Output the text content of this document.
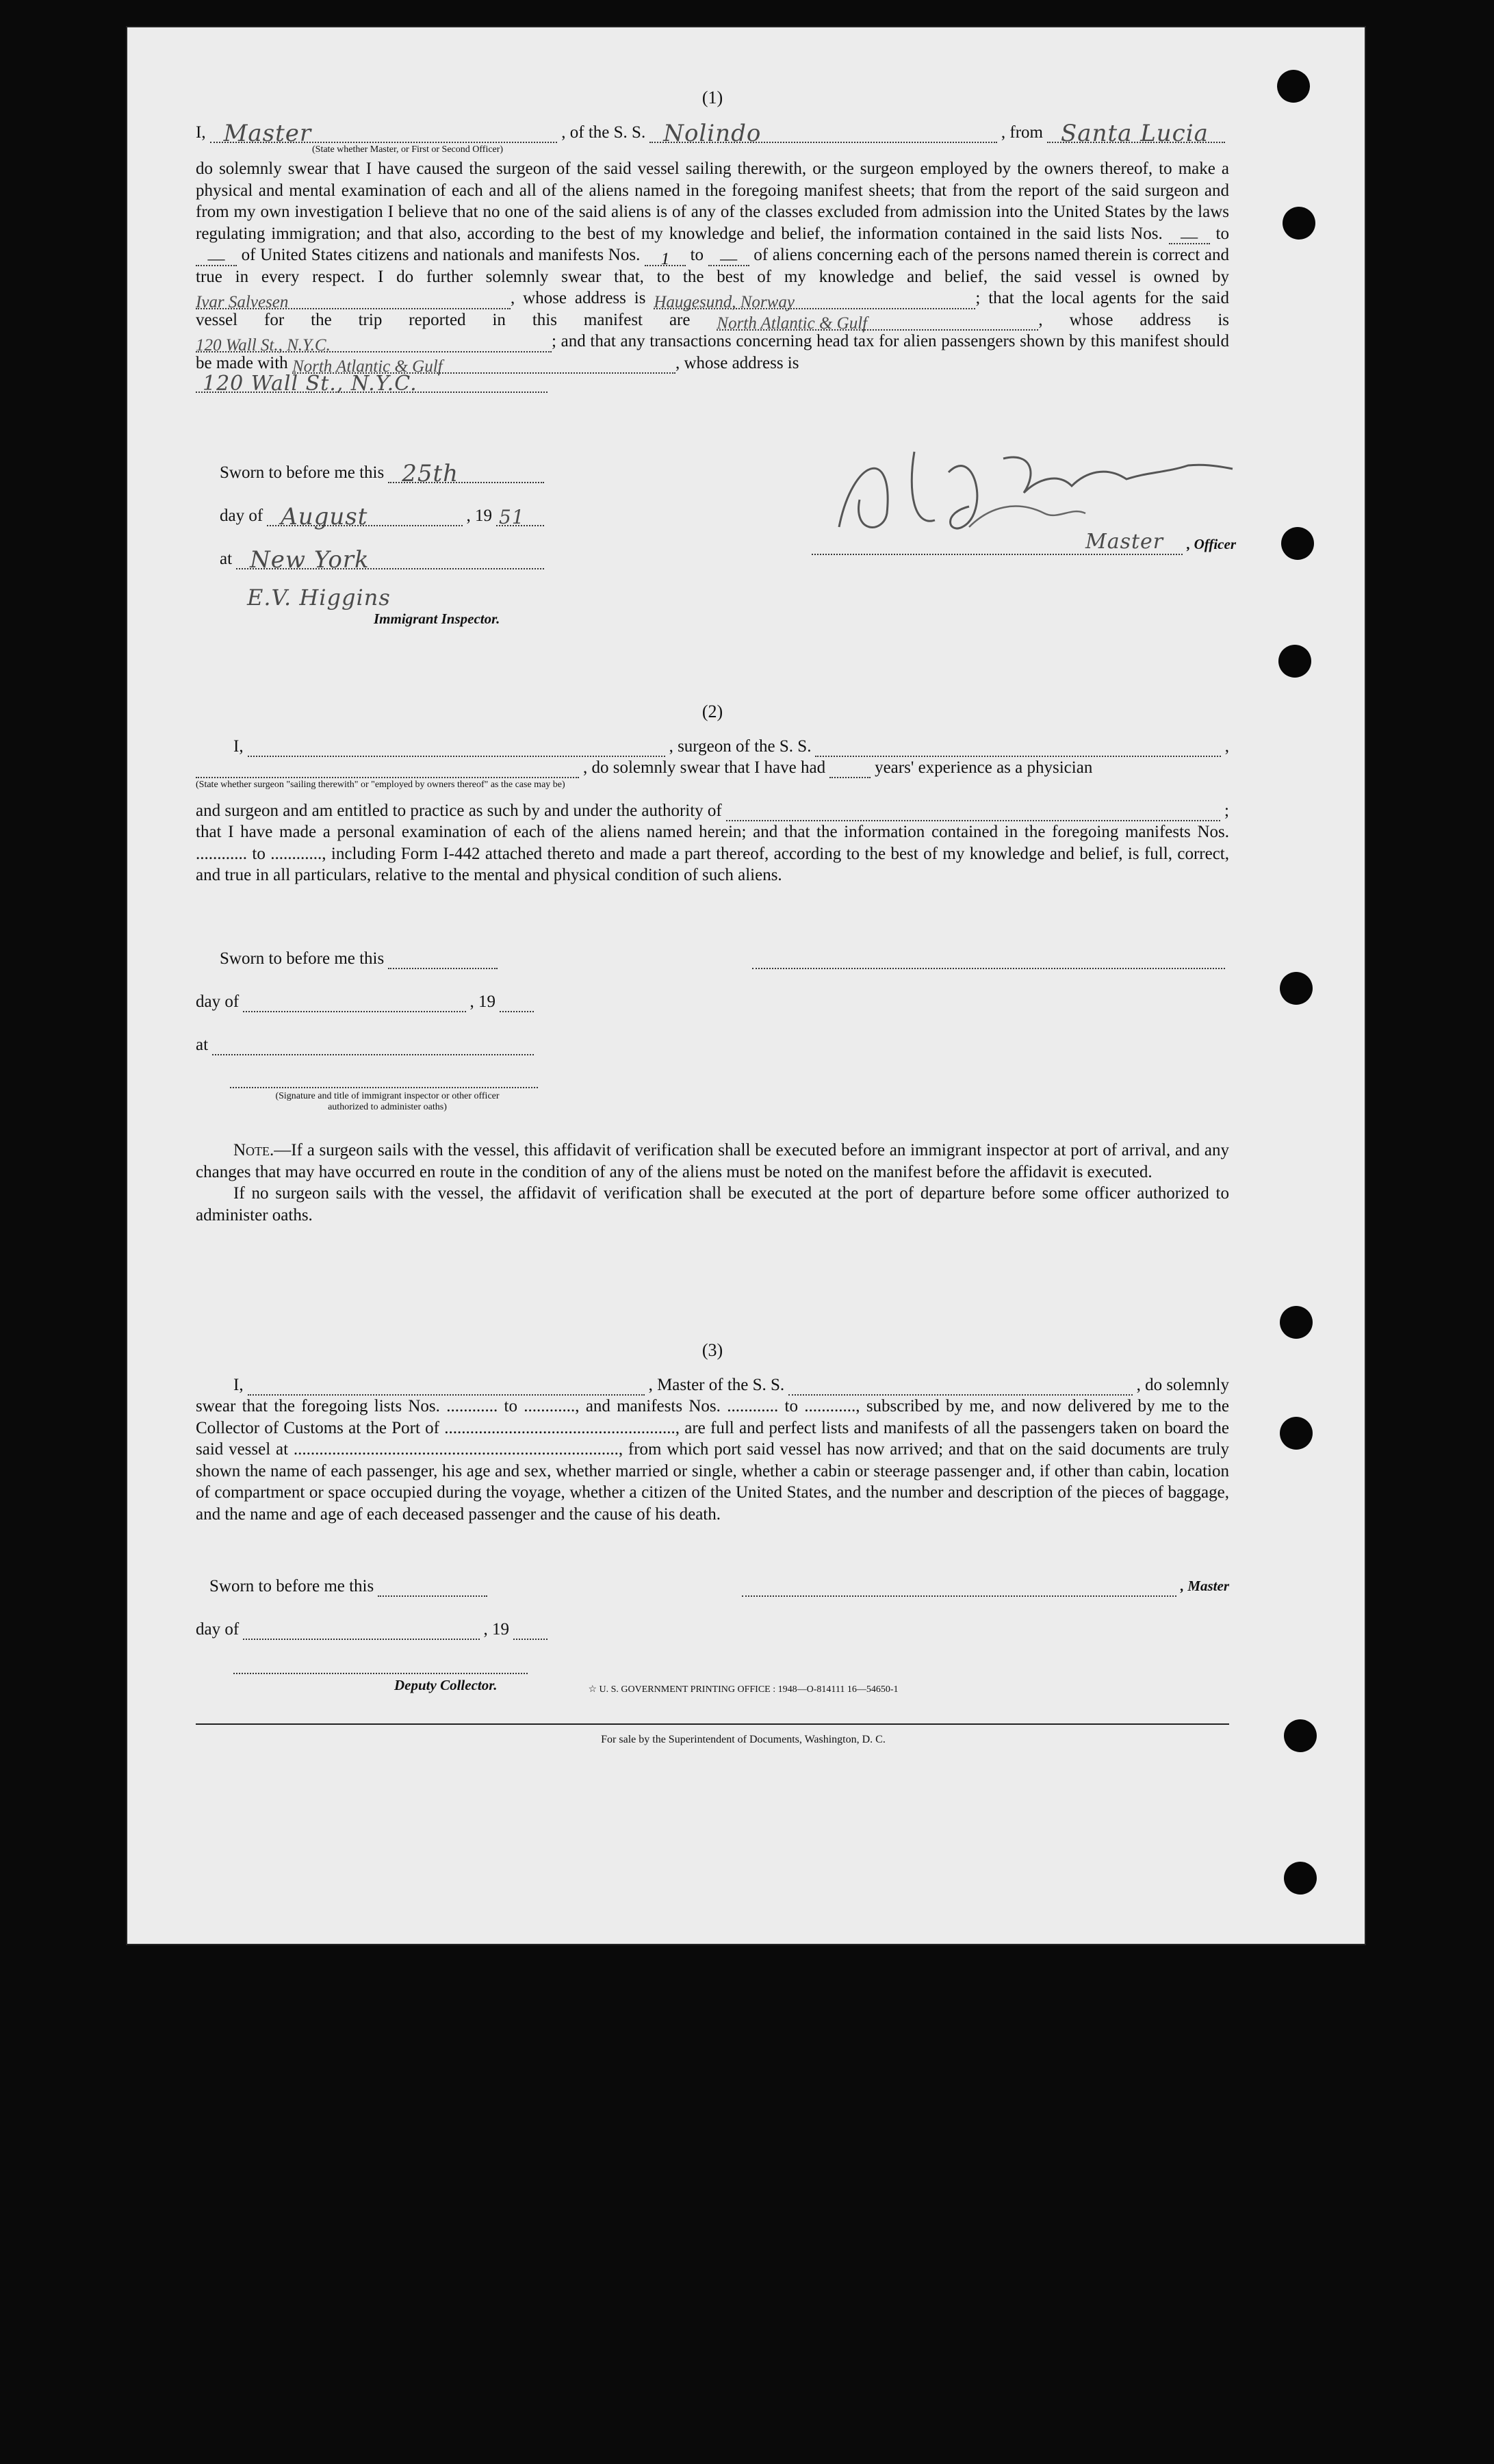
(1)
I, Master	, of the S. S. Nolindo	, from Santa Lucia
(State whether Master, or First or Second Officer)

do solemnly swear that I have caused the surgeon of the said vessel sailing therewith, or the surgeon employed by the owners thereof, to make a physical and mental examination of each and all of the aliens named in the foregoing manifest sheets; that from the report of the said surgeon and from my own investigation I believe that no one of the said aliens is of any of the classes excluded from admission into the United States by the laws regulating immigration; and that also, according to the best of my knowledge and belief, the information contained in the said lists Nos. — to — of United States citizens and nationals and manifests Nos. 1 to — of aliens concerning each of the persons named therein is correct and true in every respect. I do further solemnly swear that, to the best of my knowledge and belief, the said vessel is owned by Ivar Salvesen	, whose address is Haugesund, Norway	; that the local agents for the said vessel for the trip reported in this manifest are North Atlantic & Gulf	, whose address is 120 Wall St., N.Y.C.	; and that any transactions concerning head tax for alien passengers shown by this manifest should be made with North Atlantic & Gulf	, whose address is

120 Wall St., N.Y.C.
Sworn to before me this 25th
day of August	, 19 51
at New York
E.V. Higgins
Immigrant Inspector.
Master , Officer
(2)
I,	, surgeon of the S. S.	,
, do solemnly swear that I have had	years' experience as a physician
(State whether surgeon "sailing therewith" or "employed by owners thereof" as the case may be)
and surgeon and am entitled to practice as such by and under the authority of	;

that I have made a personal examination of each of the aliens named herein; and that the information contained in the foregoing manifests Nos. ............ to ............, including Form I-442 attached thereto and made a part thereof, according to the best of my knowledge and belief, is full, correct, and true in all particulars, relative to the mental and physical condition of such aliens.

Sworn to before me this
day of	, 19
at
(Signature and title of immigrant inspector or other officer authorized to administer oaths)

Note.—If a surgeon sails with the vessel, this affidavit of verification shall be executed before an immigrant inspector at port of arrival, and any changes that may have occurred en route in the condition of any of the aliens must be noted on the manifest before the affidavit is executed.

If no surgeon sails with the vessel, the affidavit of verification shall be executed at the port of departure before some officer authorized to administer oaths.

(3)
I,	, Master of the S. S.	, do solemnly

swear that the foregoing lists Nos. ............ to ............, and manifests Nos. ............ to ............, subscribed by me, and now delivered by me to the Collector of Customs at the Port of ......................................................, are full and perfect lists and manifests of all the passengers taken on board the said vessel at ............................................................................, from which port said vessel has now arrived; and that on the said documents are truly shown the name of each passenger, his age and sex, whether married or single, whether a cabin or steerage passenger and, if other than cabin, location of compartment or space occupied during the voyage, whether a citizen of the United States, and the number and description of the pieces of baggage, and the name and age of each deceased passenger and the cause of his death.

Sworn to before me this	, Master
day of	, 19
Deputy Collector.	☆ U. S. GOVERNMENT PRINTING OFFICE : 1948—O-814111 16—54650-1
For sale by the Superintendent of Documents, Washington, D. C.
